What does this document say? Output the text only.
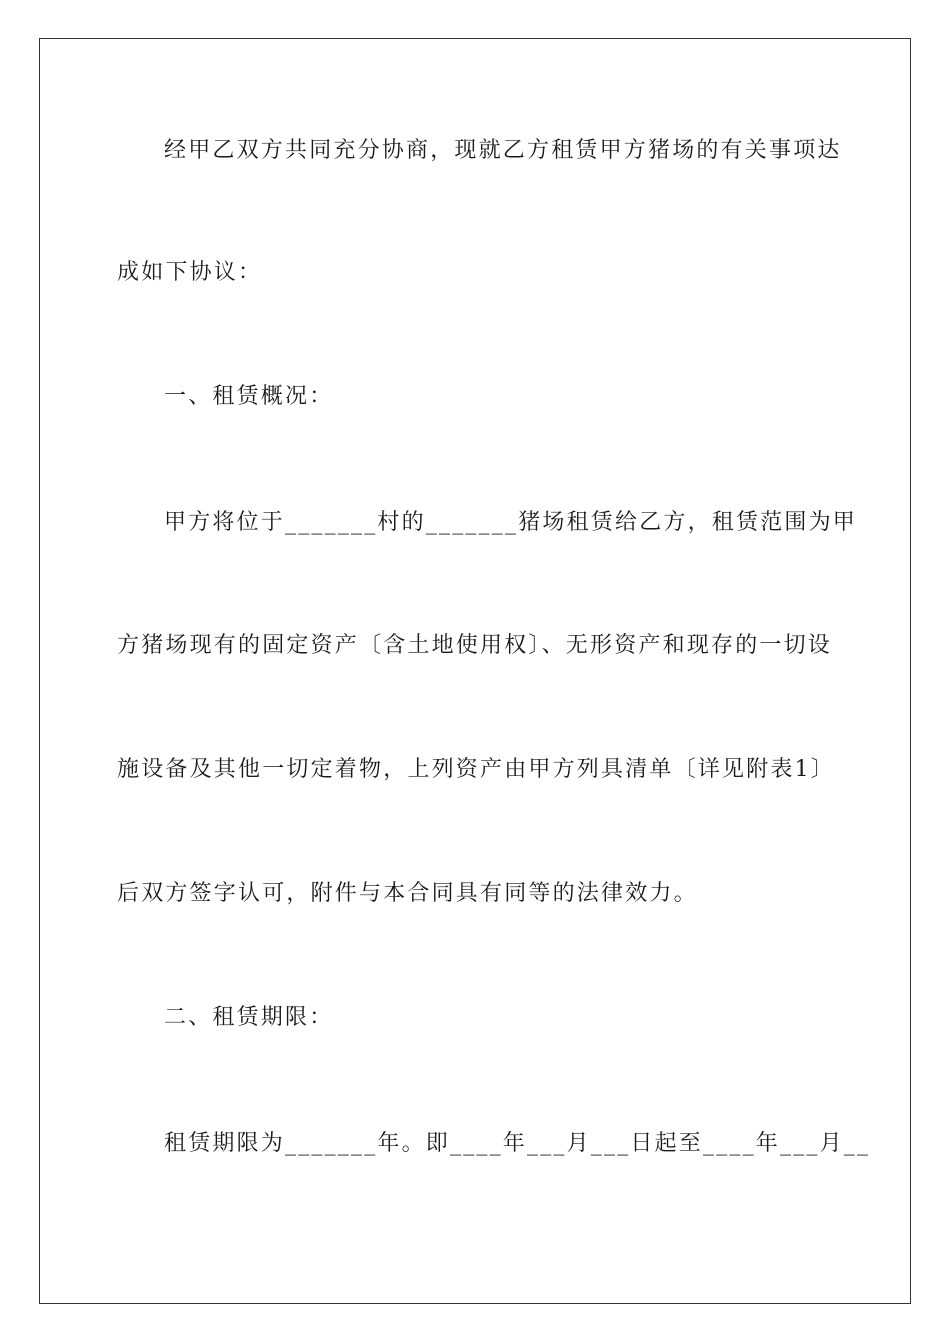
经甲乙双方共同充分协商，现就乙方租赁甲方猪场的有关事项达
成如下协议：
一、租赁概况：
甲方将位于_______村的_______猪场租赁给乙方，租赁范围为甲
方猪场现有的固定资产〔含土地使用权〕、无形资产和现存的一切设
施设备及其他一切定着物，上列资产由甲方列具清单〔详见附表1〕
后双方签字认可，附件与本合同具有同等的法律效力。
二、租赁期限：
租赁期限为_______年。即____年___月___日起至____年___月__
